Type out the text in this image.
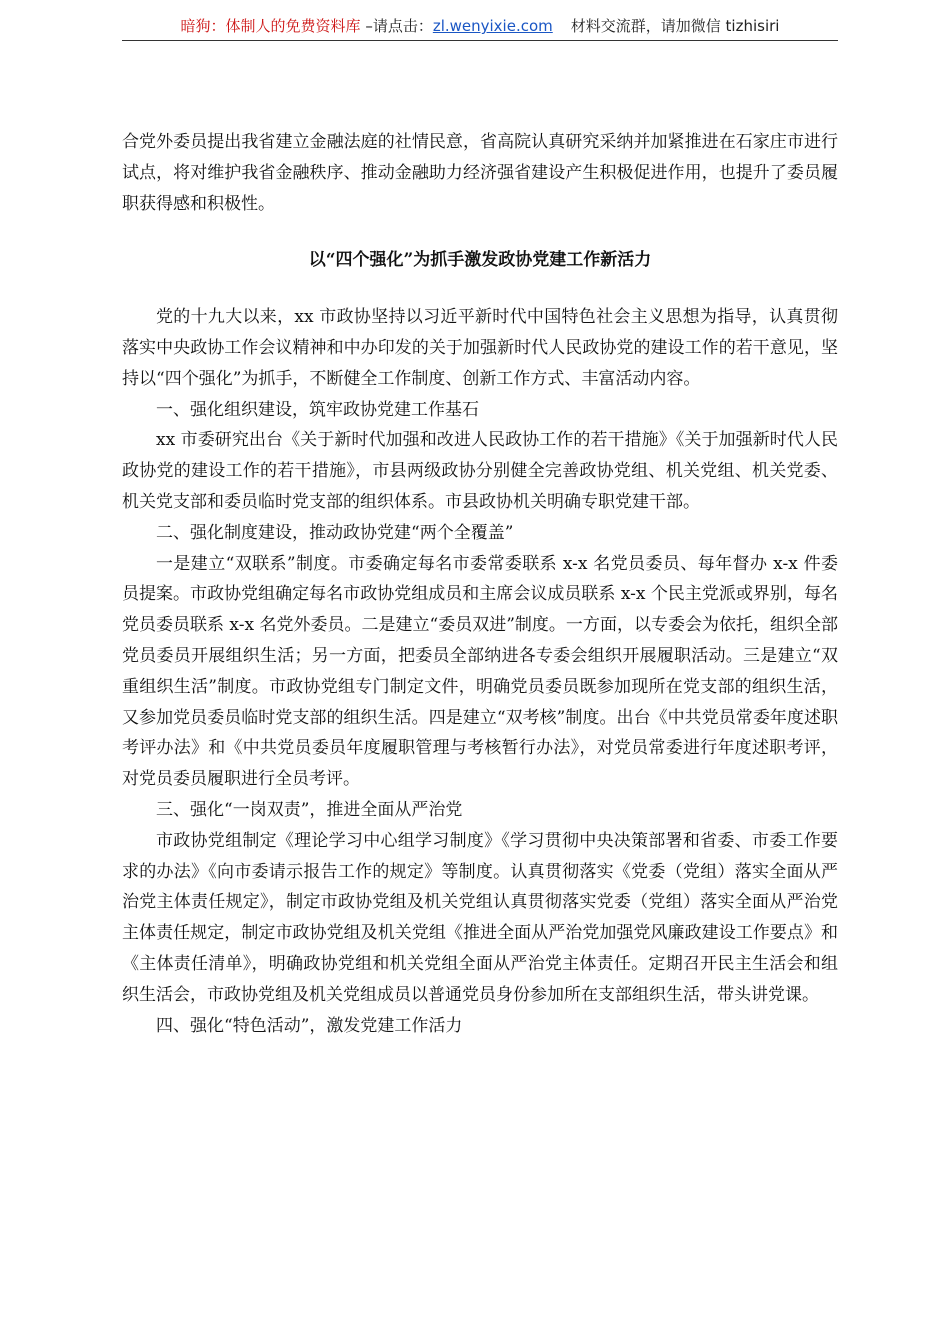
暗狗：体制人的免费资料库 –请点击：zl.wenyixie.com 材料交流群，请加微信 tizhisiri

合党外委员提出我省建立金融法庭的社情民意，省高院认真研究采纳并加紧推进在石家庄市进行试点，将对维护我省金融秩序、推动金融助力经济强省建设产生积极促进作用，也提升了委员履职获得感和积极性。

以“四个强化”为抓手激发政协党建工作新活力

党的十九大以来，xx 市政协坚持以习近平新时代中国特色社会主义思想为指导，认真贯彻落实中央政协工作会议精神和中办印发的关于加强新时代人民政协党的建设工作的若干意见，坚持以“四个强化”为抓手，不断健全工作制度、创新工作方式、丰富活动内容。

一、强化组织建设，筑牢政协党建工作基石

xx 市委研究出台《关于新时代加强和改进人民政协工作的若干措施》《关于加强新时代人民政协党的建设工作的若干措施》，市县两级政协分别健全完善政协党组、机关党组、机关党委、机关党支部和委员临时党支部的组织体系。市县政协机关明确专职党建干部。

二、强化制度建设，推动政协党建“两个全覆盖”

一是建立“双联系”制度。市委确定每名市委常委联系 x-x 名党员委员、每年督办 x-x 件委员提案。市政协党组确定每名市政协党组成员和主席会议成员联系 x-x 个民主党派或界别，每名党员委员联系 x-x 名党外委员。二是建立“委员双进”制度。一方面，以专委会为依托，组织全部党员委员开展组织生活；另一方面，把委员全部纳进各专委会组织开展履职活动。三是建立“双重组织生活”制度。市政协党组专门制定文件，明确党员委员既参加现所在党支部的组织生活，又参加党员委员临时党支部的组织生活。四是建立“双考核”制度。出台《中共党员常委年度述职考评办法》和《中共党员委员年度履职管理与考核暂行办法》，对党员常委进行年度述职考评，对党员委员履职进行全员考评。

三、强化“一岗双责”，推进全面从严治党

市政协党组制定《理论学习中心组学习制度》《学习贯彻中央决策部署和省委、市委工作要求的办法》《向市委请示报告工作的规定》等制度。认真贯彻落实《党委（党组）落实全面从严治党主体责任规定》，制定市政协党组及机关党组认真贯彻落实党委（党组）落实全面从严治党主体责任规定，制定市政协党组及机关党组《推进全面从严治党加强党风廉政建设工作要点》和《主体责任清单》，明确政协党组和机关党组全面从严治党主体责任。定期召开民主生活会和组织生活会，市政协党组及机关党组成员以普通党员身份参加所在支部组织生活，带头讲党课。

四、强化“特色活动”，激发党建工作活力
